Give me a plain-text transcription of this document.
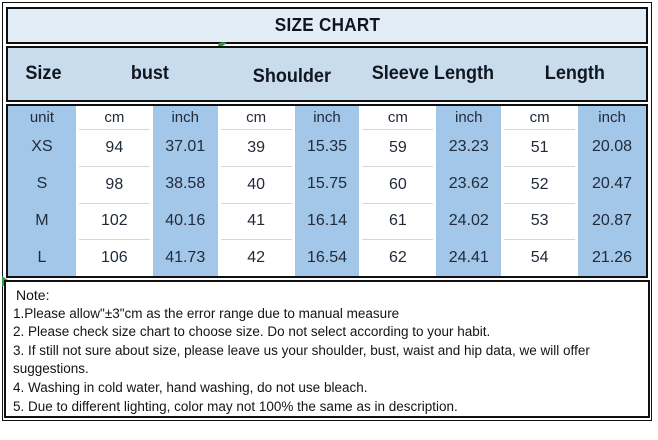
SIZE CHART
Size	bust	Shoulder	Sleeve Length	Length
unit	cm	inch	cm	inch	cm	inch	cm	inch
XS	94	37.01	39	15.35	59	23.23	51	20.08
S	98	38.58	40	15.75	60	23.62	52	20.47
M	102	40.16	41	16.14	61	24.02	53	20.87
L	106	41.73	42	16.54	62	24.41	54	21.26
Note:
1.Please allow"±3"cm as the error range due to manual measure
2. Please check size chart to choose size. Do not select according to your habit.
3. If still not sure about size, please leave us your shoulder, bust, waist and hip data, we will offer
suggestions.
4. Washing in cold water, hand washing, do not use bleach.
5. Due to different lighting, color may not 100% the same as in description.
